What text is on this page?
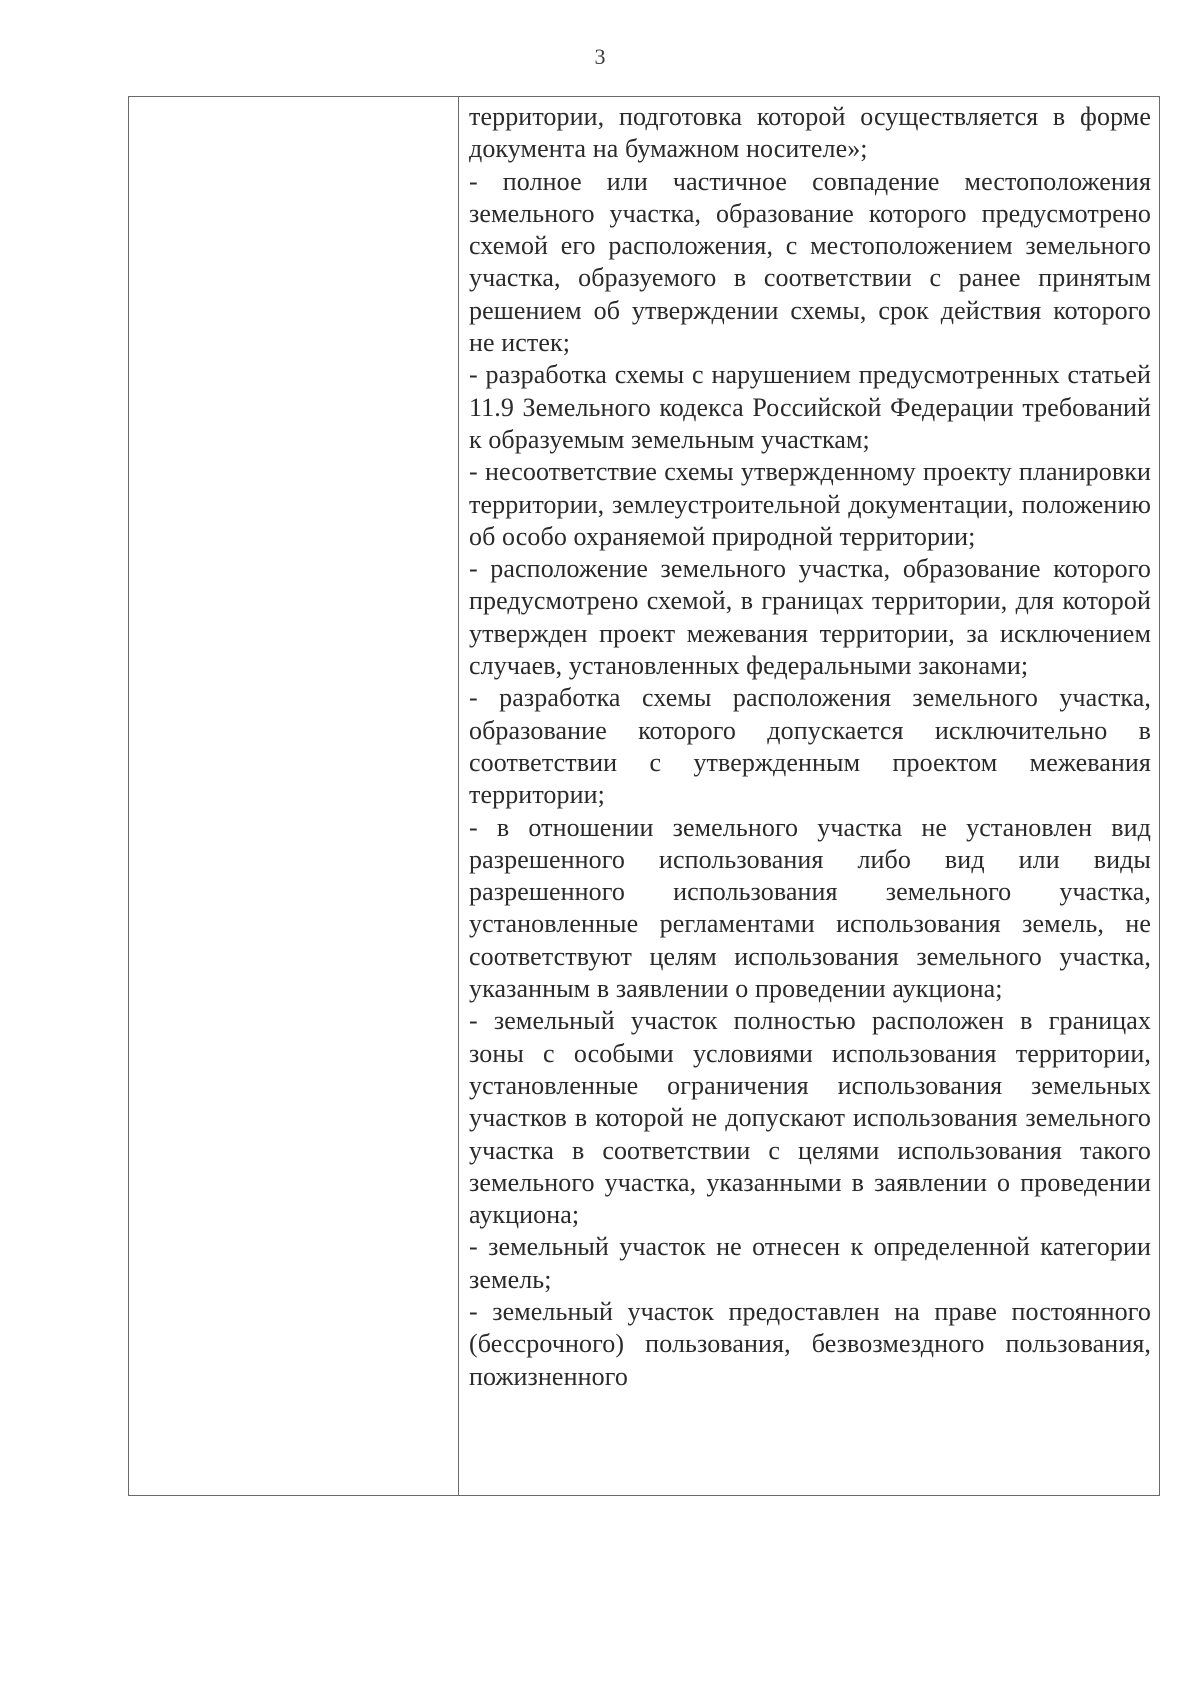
3

территории, подготовка которой осуществляется в форме документа на бумажном носителе»;

- полное или частичное совпадение местоположения земельного участка, образование которого предусмотрено схемой его расположения, с местоположением земельного участка, образуемого в соответствии с ранее принятым решением об утверждении схемы, срок действия которого не истек;

- разработка схемы с нарушением предусмотренных статьей 11.9 Земельного кодекса Российской Федерации требований к образуемым земельным участкам;

- несоответствие схемы утвержденному проекту планировки территории, землеустроительной документации, положению об особо охраняемой природной территории;

- расположение земельного участка, образование которого предусмотрено схемой, в границах территории, для которой утвержден проект межевания территории, за исключением случаев, установленных федеральными законами;

- разработка схемы расположения земельного участка, образование которого допускается исключительно в соответствии с утвержденным проектом межевания территории;

- в отношении земельного участка не установлен вид разрешенного использования либо вид или виды разрешенного использования земельного участка, установленные регламентами использования земель, не соответствуют целям использования земельного участка, указанным в заявлении о проведении аукциона;

- земельный участок полностью расположен в границах зоны с особыми условиями использования территории, установленные ограничения использования земельных участков в которой не допускают использования земельного участка в соответствии с целями использования такого земельного участка, указанными в заявлении о проведении аукциона;

- земельный участок не отнесен к определенной категории земель;

- земельный участок предоставлен на праве постоянного (бессрочного) пользования, безвозмездного пользования, пожизненного
